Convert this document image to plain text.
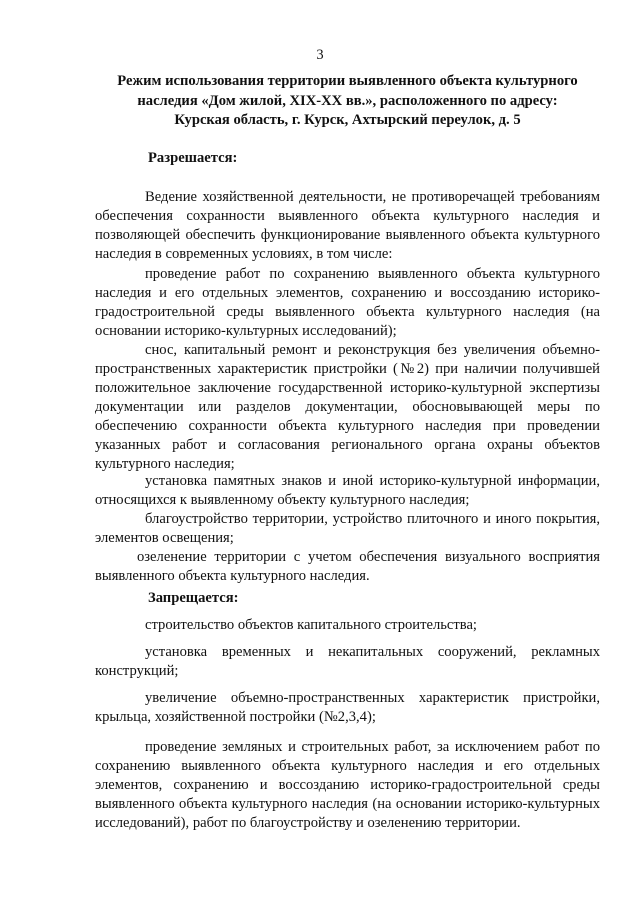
3
Режим использования территории выявленного объекта культурного
наследия «Дом жилой, XIX-XX вв.», расположенного по адресу:
Курская область, г. Курск, Ахтырский переулок, д. 5
Разрешается:
Ведение хозяйственной деятельности, не противоречащей требованиям обеспечения сохранности выявленного объекта культурного наследия и позволяющей обеспечить функционирование выявленного объекта культурного наследия в современных условиях, в том числе:
проведение работ по сохранению выявленного объекта культурного наследия и его отдельных элементов, сохранению и воссозданию историко-градостроительной среды выявленного объекта культурного наследия (на основании историко-культурных исследований);
снос, капитальный ремонт и реконструкция без увеличения объемно-пространственных характеристик пристройки (№2) при наличии получившей положительное заключение государственной историко-культурной экспертизы документации или разделов документации, обосновывающей меры по обеспечению сохранности объекта культурного наследия при проведении указанных работ и согласования регионального органа охраны объектов культурного наследия;
установка памятных знаков и иной историко-культурной информации, относящихся к выявленному объекту культурного наследия;
благоустройство территории, устройство плиточного и иного покрытия, элементов освещения;
озеленение территории с учетом обеспечения визуального восприятия выявленного объекта культурного наследия.
Запрещается:
строительство объектов капитального строительства;
установка временных и некапитальных сооружений, рекламных конструкций;
увеличение объемно-пространственных характеристик пристройки, крыльца, хозяйственной постройки (№2,3,4);
проведение земляных и строительных работ, за исключением работ по сохранению выявленного объекта культурного наследия и его отдельных элементов, сохранению и воссозданию историко-градостроительной среды выявленного объекта культурного наследия (на основании историко-культурных исследований), работ по благоустройству и озеленению территории.
